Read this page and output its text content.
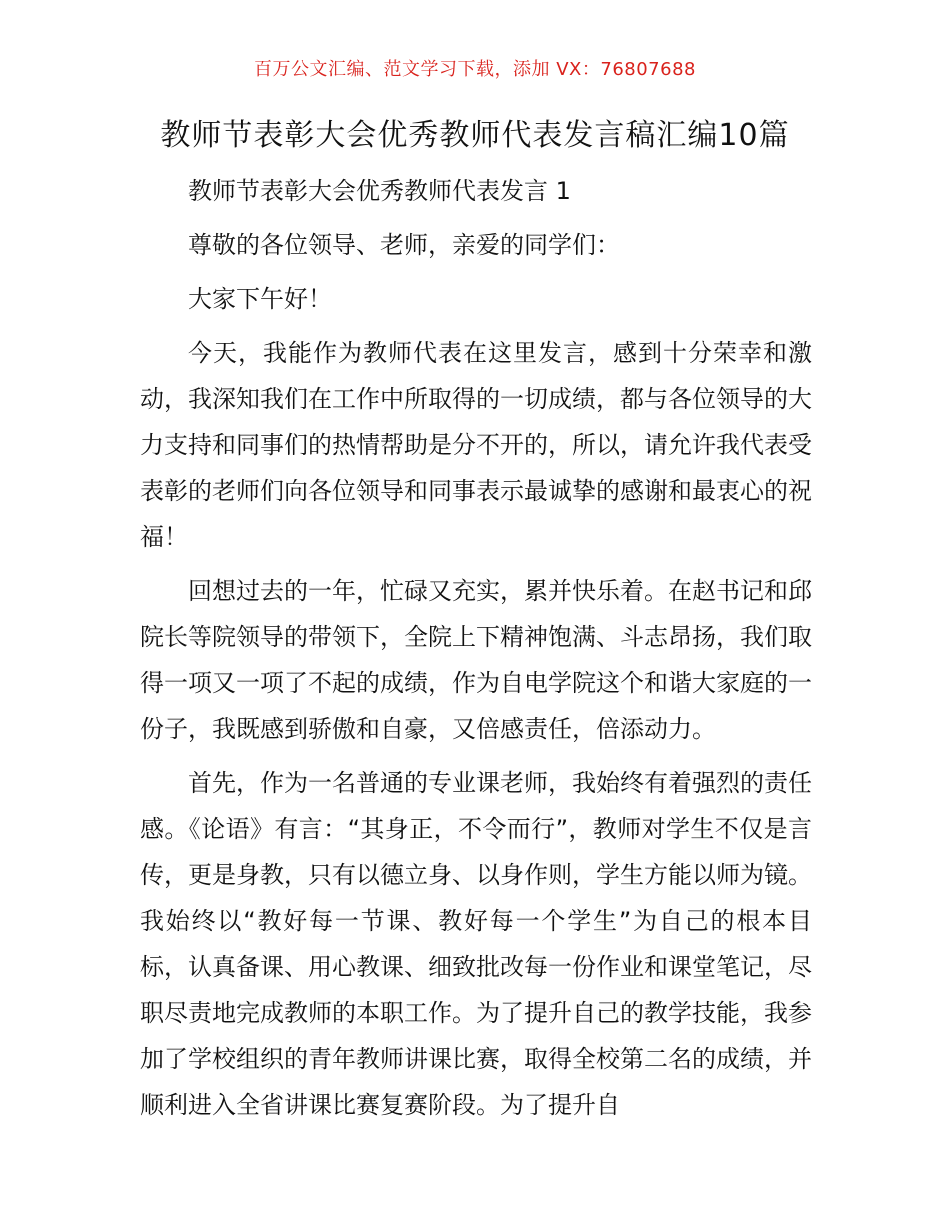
百万公文汇编、范文学习下载，添加 VX：76807688
教师节表彰大会优秀教师代表发言稿汇编10篇

教师节表彰大会优秀教师代表发言 1

尊敬的各位领导、老师，亲爱的同学们：

大家下午好！

今天，我能作为教师代表在这里发言，感到十分荣幸和激动，我深知我们在工作中所取得的一切成绩，都与各位领导的大力支持和同事们的热情帮助是分不开的，所以，请允许我代表受表彰的老师们向各位领导和同事表示最诚挚的感谢和最衷心的祝福！

回想过去的一年，忙碌又充实，累并快乐着。在赵书记和邱院长等院领导的带领下，全院上下精神饱满、斗志昂扬，我们取得一项又一项了不起的成绩，作为自电学院这个和谐大家庭的一份子，我既感到骄傲和自豪，又倍感责任，倍添动力。

首先，作为一名普通的专业课老师，我始终有着强烈的责任感。《论语》有言：“其身正，不令而行”，教师对学生不仅是言传，更是身教，只有以德立身、以身作则，学生方能以师为镜。我始终以“教好每一节课、教好每一个学生”为自己的根本目标，认真备课、用心教课、细致批改每一份作业和课堂笔记，尽职尽责地完成教师的本职工作。为了提升自己的教学技能，我参加了学校组织的青年教师讲课比赛，取得全校第二名的成绩，并顺利进入全省讲课比赛复赛阶段。为了提升自
